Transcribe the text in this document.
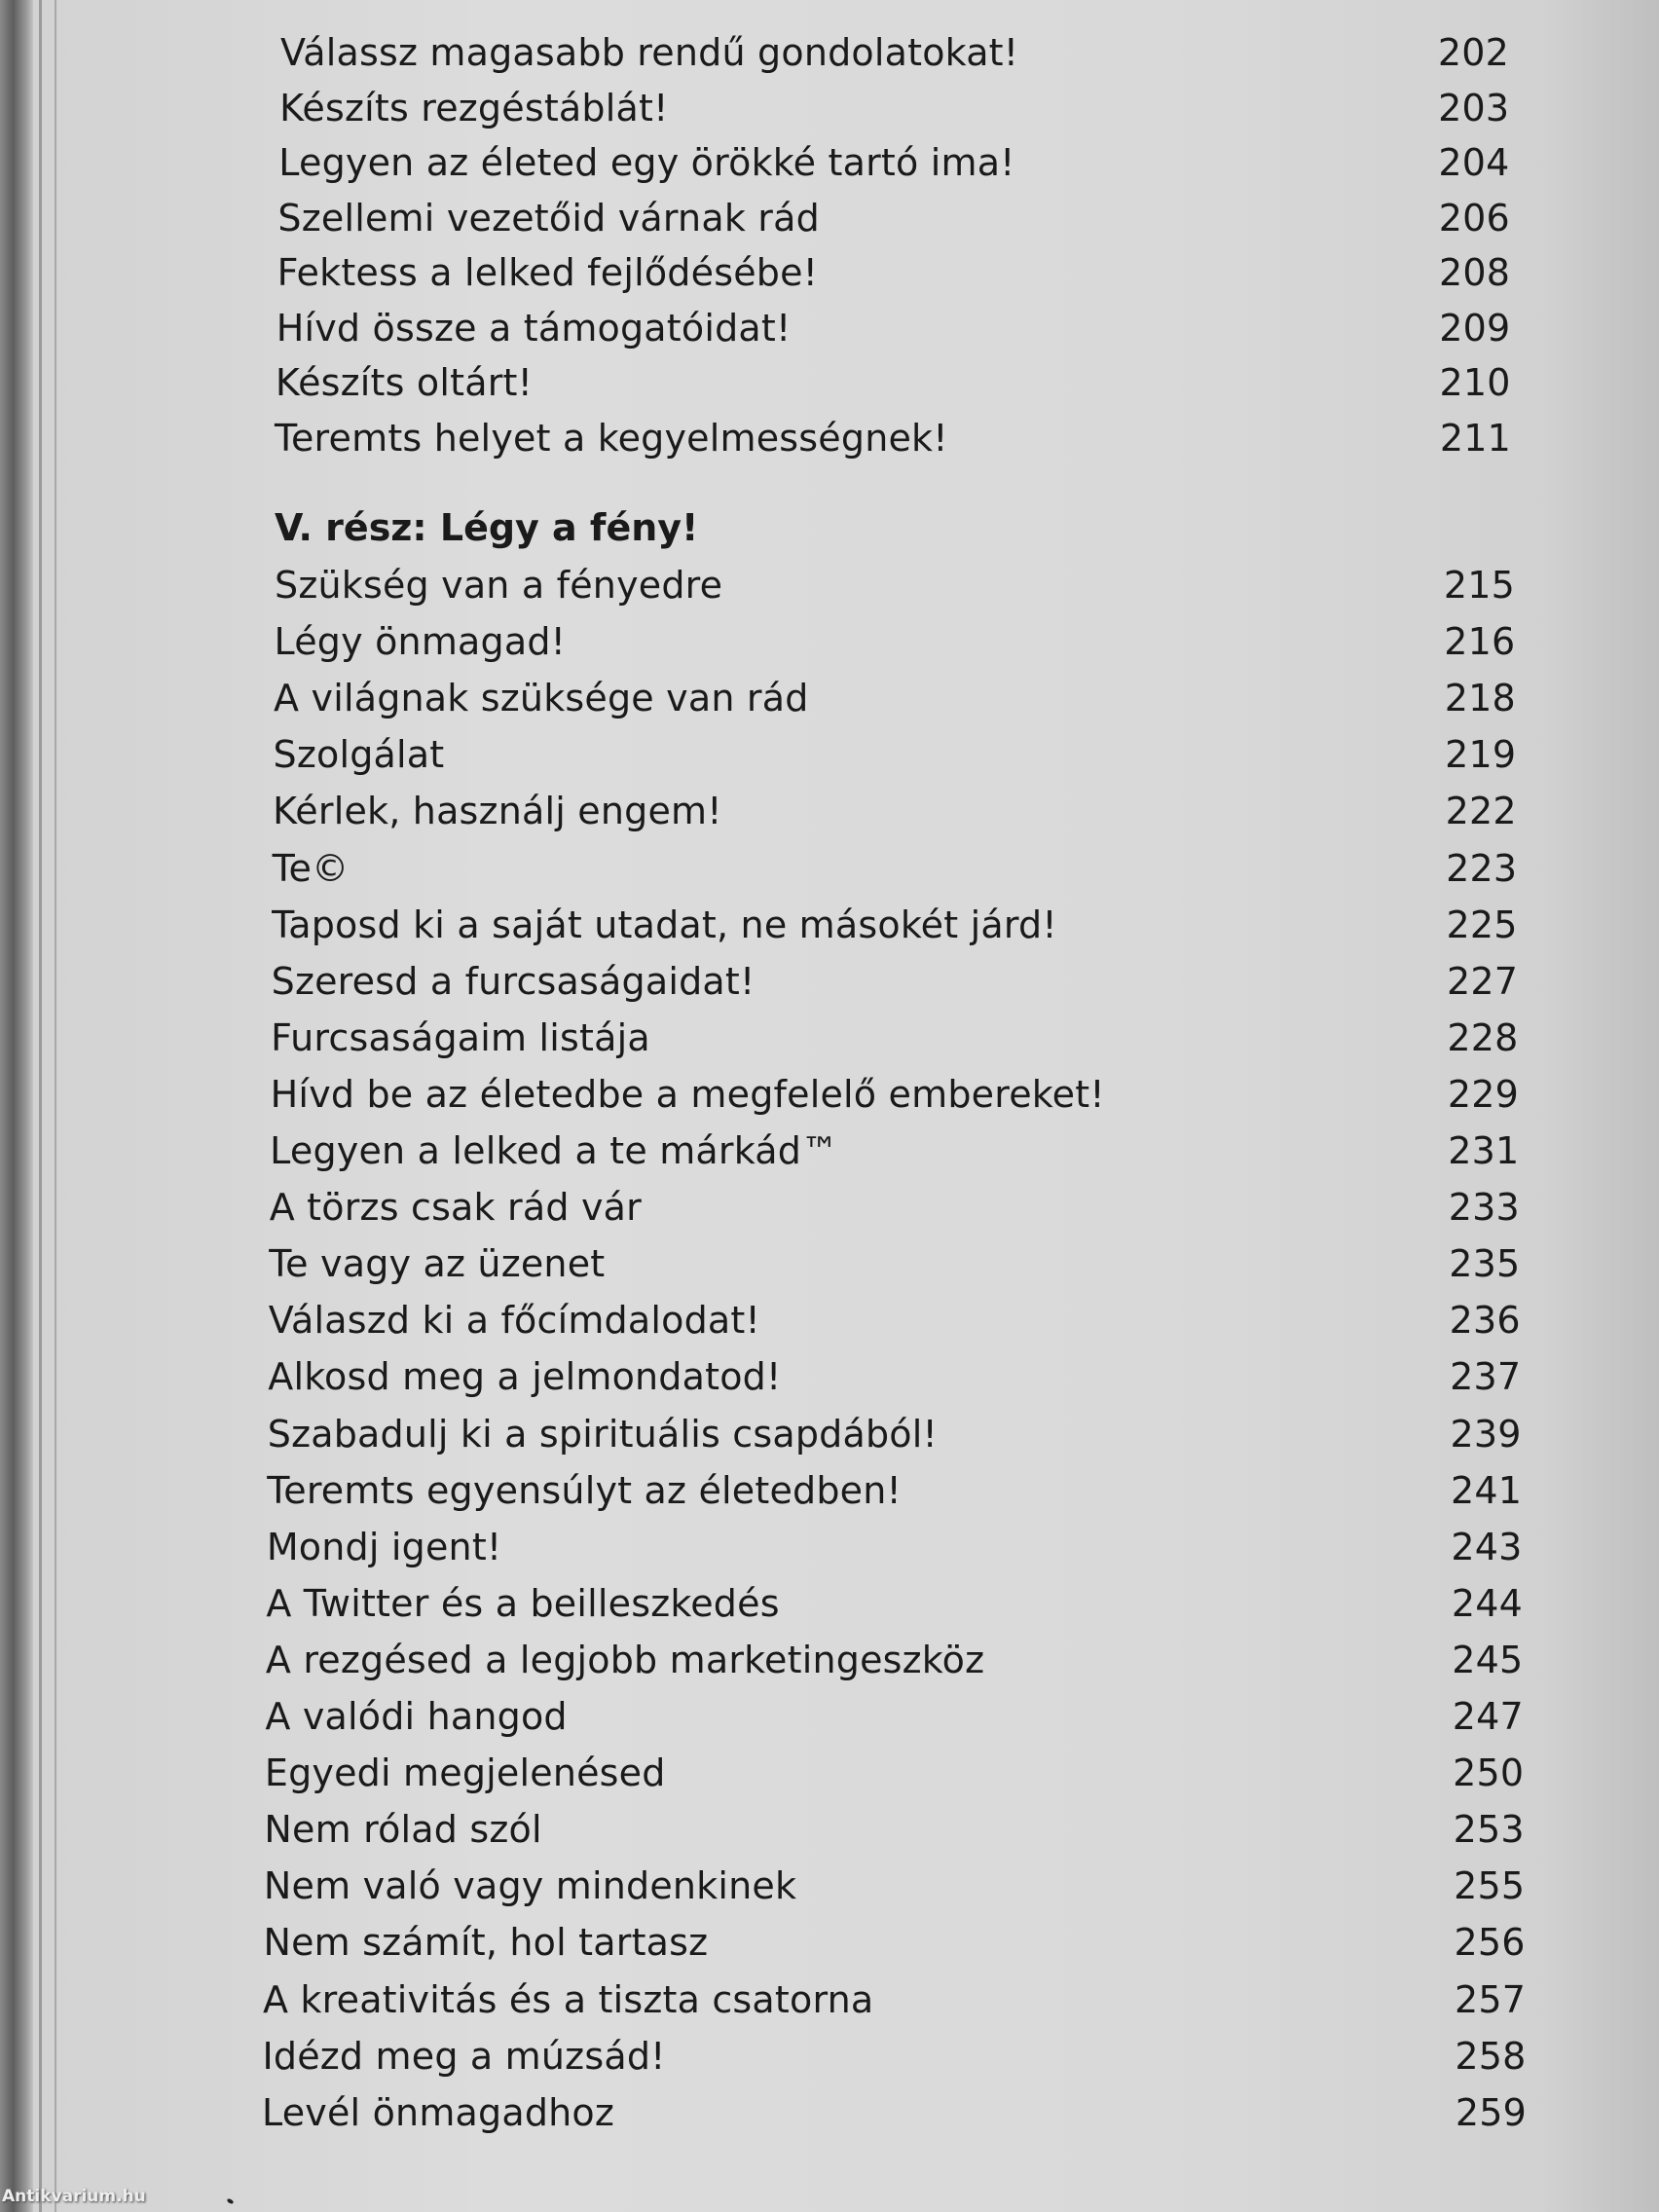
Válassz magasabb rendű gondolatokat!	202
Készíts rezgéstáblát!	203
Legyen az életed egy örökké tartó ima!	204
Szellemi vezetőid várnak rád	206
Fektess a lelked fejlődésébe!	208
Hívd össze a támogatóidat!	209
Készíts oltárt!	210
Teremts helyet a kegyelmességnek!	211
V. rész: Légy a fény!
Szükség van a fényedre	215
Légy önmagad!	216
A világnak szüksége van rád	218
Szolgálat	219
Kérlek, használj engem!	222
Te©	223
Taposd ki a saját utadat, ne másokét járd!	225
Szeresd a furcsaságaidat!	227
Furcsaságaim listája	228
Hívd be az életedbe a megfelelő embereket!	229
Legyen a lelked a te márkád™	231
A törzs csak rád vár	233
Te vagy az üzenet	235
Válaszd ki a főcímdalodat!	236
Alkosd meg a jelmondatod!	237
Szabadulj ki a spirituális csapdából!	239
Teremts egyensúlyt az életedben!	241
Mondj igent!	243
A Twitter és a beilleszkedés	244
A rezgésed a legjobb marketingeszköz	245
A valódi hangod	247
Egyedi megjelenésed	250
Nem rólad szól	253
Nem való vagy mindenkinek	255
Nem számít, hol tartasz	256
A kreativitás és a tiszta csatorna	257
Idézd meg a múzsád!	258
Levél önmagadhoz	259
Antikvarium.hu
